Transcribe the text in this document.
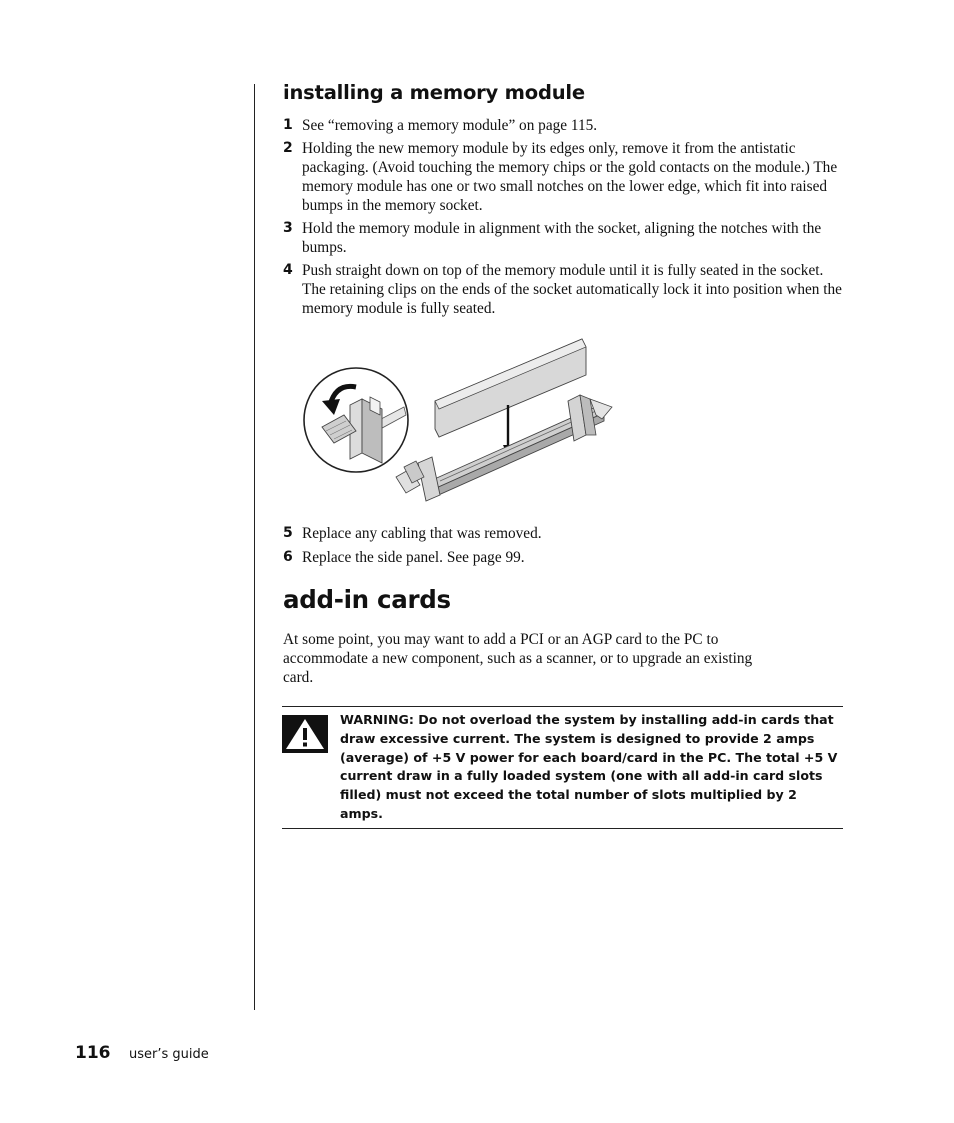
installing a memory module
1 See “removing a memory module” on page 115.
2 Holding the new memory module by its edges only, remove it from the antistatic packaging. (Avoid touching the memory chips or the gold contacts on the module.) The memory module has one or two small notches on the lower edge, which fit into raised bumps in the memory socket.
3 Hold the memory module in alignment with the socket, aligning the notches with the bumps.
4 Push straight down on top of the memory module until it is fully seated in the socket. The retaining clips on the ends of the socket automatically lock it into position when the memory module is fully seated.
5 Replace any cabling that was removed.
6 Replace the side panel. See page 99.
add-in cards

At some point, you may want to add a PCI or an AGP card to the PC to accommodate a new component, such as a scanner, or to upgrade an existing card.

WARNING: Do not overload the system by installing add-in cards that draw excessive current. The system is designed to provide 2 amps (average) of +5 V power for each board/card in the PC. The total +5 V current draw in a fully loaded system (one with all add-in card slots filled) must not exceed the total number of slots multiplied by 2 amps.

116 user’s guide
